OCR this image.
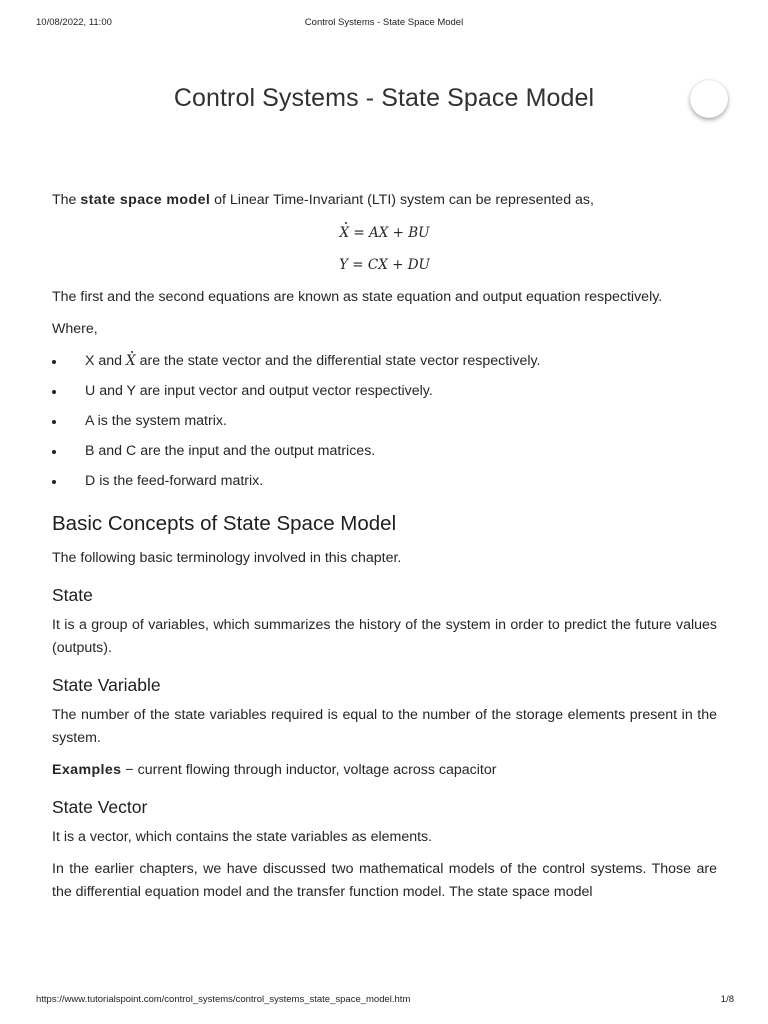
10/08/2022, 11:00	Control Systems - State Space Model
Control Systems - State Space Model

The state space model of Linear Time-Invariant (LTI) system can be represented as,

X = AX + BU
Y = CX + DU

The first and the second equations are known as state equation and output equation respectively.

Where,

X and X are the state vector and the differential state vector respectively.
U and Y are input vector and output vector respectively.
A is the system matrix.
B and C are the input and the output matrices.
D is the feed-forward matrix.
Basic Concepts of State Space Model

The following basic terminology involved in this chapter.

State

It is a group of variables, which summarizes the history of the system in order to predict the future values (outputs).

State Variable

The number of the state variables required is equal to the number of the storage elements present in the system.

Examples − current flowing through inductor, voltage across capacitor

State Vector

It is a vector, which contains the state variables as elements.

In the earlier chapters, we have discussed two mathematical models of the control systems. Those are the differential equation model and the transfer function model. The state space model

https://www.tutorialspoint.com/control_systems/control_systems_state_space_model.htm	1/8
